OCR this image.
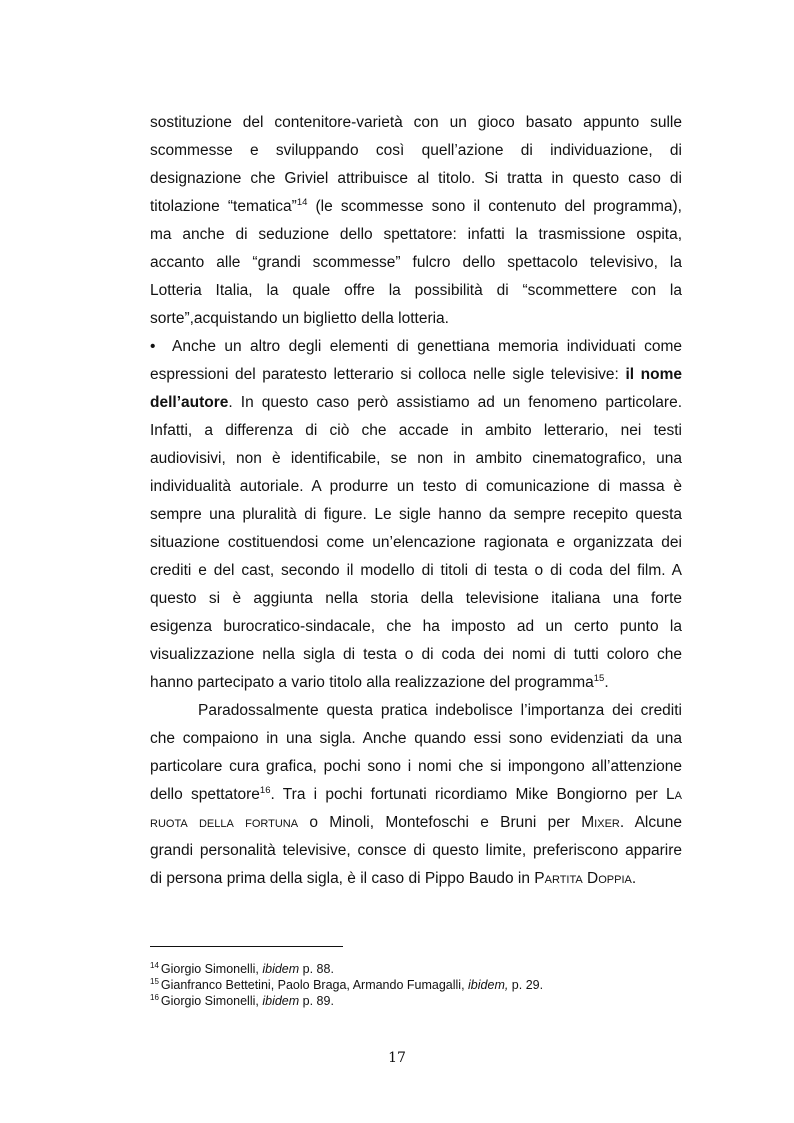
sostituzione del contenitore-varietà con un gioco basato appunto sulle
scommesse e sviluppando così quell’azione di individuazione, di
designazione che Griviel attribuisce al titolo. Si tratta in questo caso di
titolazione “tematica”$^{14}$ (le scommesse sono il contenuto del programma),
ma anche di seduzione dello spettatore: infatti la trasmissione ospita,
accanto alle “grandi scommesse” fulcro dello spettacolo televisivo, la
Lotteria Italia, la quale offre la possibilità di “scommettere con la
sorte”,acquistando un biglietto della lotteria.
• Anche un altro degli elementi di genettiana memoria individuati come
espressioni del paratesto letterario si colloca nelle sigle televisive: il nome
dell’autore. In questo caso però assistiamo ad un fenomeno particolare.
Infatti, a differenza di ciò che accade in ambito letterario, nei testi
audiovisivi, non è identificabile, se non in ambito cinematografico, una
individualità autoriale. A produrre un testo di comunicazione di massa è
sempre una pluralità di figure. Le sigle hanno da sempre recepito questa
situazione costituendosi come un’elencazione ragionata e organizzata dei
crediti e del cast, secondo il modello di titoli di testa o di coda del film. A
questo si è aggiunta nella storia della televisione italiana una forte
esigenza burocratico-sindacale, che ha imposto ad un certo punto la
visualizzazione nella sigla di testa o di coda dei nomi di tutti coloro che
hanno partecipato a vario titolo alla realizzazione del programma$^{15}$.
Paradossalmente questa pratica indebolisce l’importanza dei crediti
che compaiono in una sigla. Anche quando essi sono evidenziati da una
particolare cura grafica, pochi sono i nomi che si impongono all’attenzione
dello spettatore$^{16}$. Tra i pochi fortunati ricordiamo Mike Bongiorno per La
ruota della fortuna o Minoli, Montefoschi e Bruni per Mixer. Alcune
grandi personalità televisive, consce di questo limite, preferiscono apparire
di persona prima della sigla, è il caso di Pippo Baudo in Partita Doppia.
$^{14}$ Giorgio Simonelli, ibidem p. 88.
$^{15}$ Gianfranco Bettetini, Paolo Braga, Armando Fumagalli, ibidem, p. 29.
$^{16}$ Giorgio Simonelli, ibidem p. 89.
17
